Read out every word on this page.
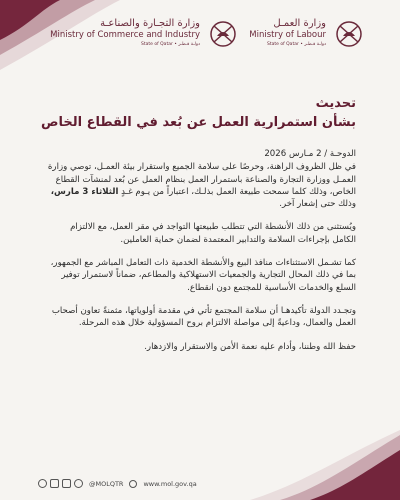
وزارة التجـارة والصناعـة
Ministry of Commerce and Industry
State of Qatar • دولـة قـطـر
وزارة العمـل
Ministry of Labour
State of Qatar • دولـة قـطـر
تحديث
بشأن استمرارية العمل عن بُعد في القطاع الخاص

الدوحـة / 2 مـارس 2026

في ظل الظروف الراهنة، وحرصًا على سلامة الجميع واستقرار بيئة العمـل، توصي وزارة العمـل ووزارة التجارة والصناعة باستمرار العمل بنظام العمل عن بُعد لمنشآت القطاع الخاص، وذلك كلما سمحت طبيعة العمل بذلـك، اعتباراً من يـوم غـدٍ الثلاثاء 3 مارس، وذلك حتى إشعار آخر.

ويُستثنى من ذلك الأنشطة التي تتطلب طبيعتها التواجد في مقر العمل، مع الالتزام الكامل بإجراءات السلامة والتدابير المعتمدة لضمان حماية العاملين.

كما تشـمل الاستثناءات منافذ البيع والأنشطة الخدمية ذات التعامل المباشر مع الجمهور، بما في ذلك المحال التجارية والجمعيات الاستهلاكية والمطاعم، ضماناً لاستمرار توفير السلع والخدمات الأساسية للمجتمع دون انقطاع.

وتجـدد الدولة تأكيدهـا أن سلامة المجتمع تأتي في مقدمة أولوياتها، مثمنةً تعاون أصحاب العمل والعمال، وداعيةً إلى مواصلة الالتزام بروح المسؤولية خلال هذه المرحلة.

حفظ الله وطننا، وأدام عليه نعمة الأمن والاستقرار والازدهار.

@MOLQTR	www.mol.gov.qa
